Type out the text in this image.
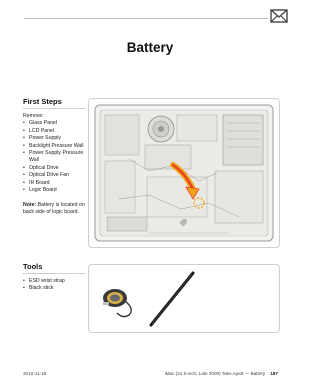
Battery
First Steps
Remove:
• Glass Panel
• LCD Panel
• Power Supply
• Backlight Pressure Wall
• Power Supply Pressure Wall
• Optical Drive
• Optical Drive Fan
• IR Board
• Logic Board
Note: Battery is located on back side of logic board.
Tools
• ESD wrist strap
• Black stick
2010-11-18	iMac (21.5-inch, Late 2009) Take Apart — Battery 187
